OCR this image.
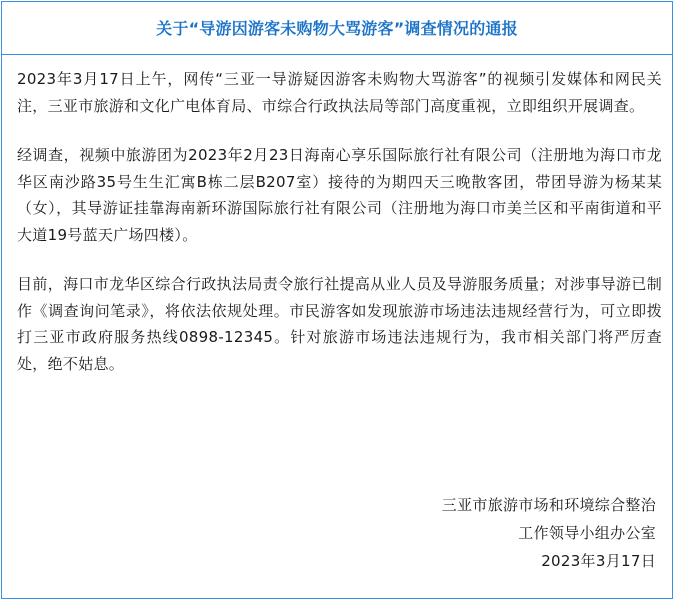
关于“导游因游客未购物大骂游客”调查情况的通报

2023年3月17日上午，网传“三亚一导游疑因游客未购物大骂游客”的视频引发媒体和网民关注，三亚市旅游和文化广电体育局、市综合行政执法局等部门高度重视，立即组织开展调查。

经调查，视频中旅游团为2023年2月23日海南心享乐国际旅行社有限公司（注册地为海口市龙华区南沙路35号生生汇寓B栋二层B207室）接待的为期四天三晚散客团，带团导游为杨某某（女），其导游证挂靠海南新环游国际旅行社有限公司（注册地为海口市美兰区和平南街道和平大道19号蓝天广场四楼）。

目前，海口市龙华区综合行政执法局责令旅行社提高从业人员及导游服务质量；对涉事导游已制作《调查询问笔录》，将依法依规处理。市民游客如发现旅游市场违法违规经营行为，可立即拨打三亚市政府服务热线0898-12345。针对旅游市场违法违规行为，我市相关部门将严厉查处，绝不姑息。

三亚市旅游市场和环境综合整治
工作领导小组办公室
2023年3月17日
